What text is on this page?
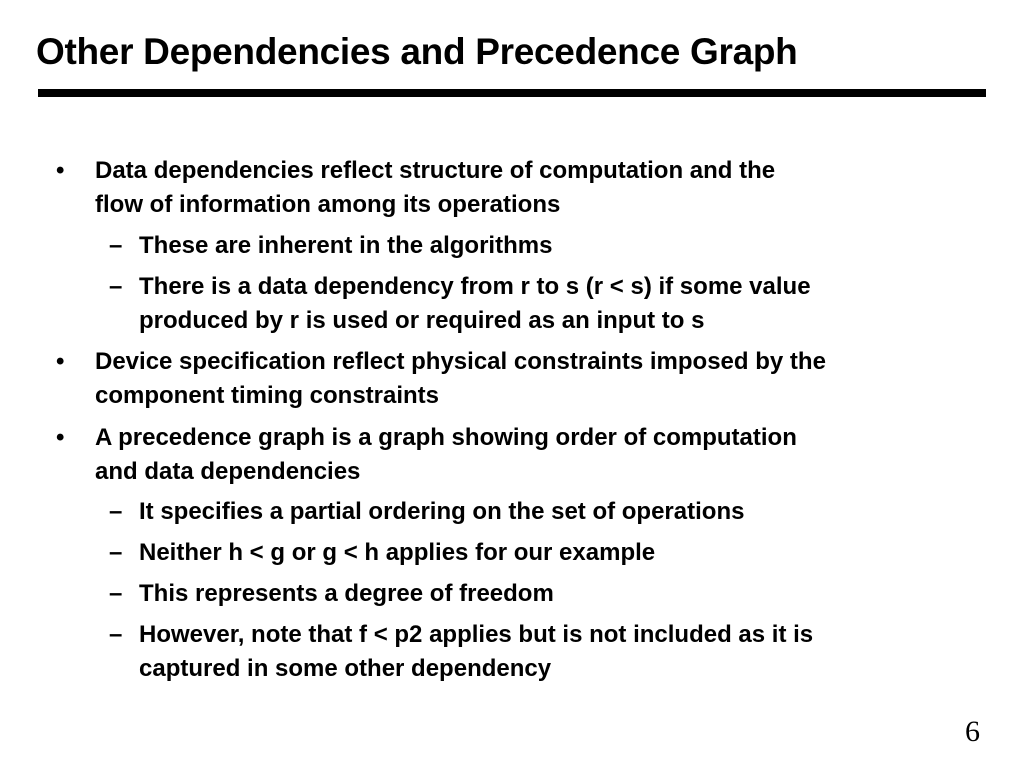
Other Dependencies and Precedence Graph
• Data dependencies reflect structure of computation and the
flow of information among its operations
– These are inherent in the algorithms
– There is a data dependency from r to s (r < s) if some value
produced by r is used or required as an input to s
• Device specification reflect physical constraints imposed by the
component timing constraints
• A precedence graph is a graph showing order of computation
and data dependencies
– It specifies a partial ordering on the set of operations
– Neither h < g or g < h applies for our example
– This represents a degree of freedom
– However, note that f < p2 applies but is not included as it is
captured in some other dependency
6
